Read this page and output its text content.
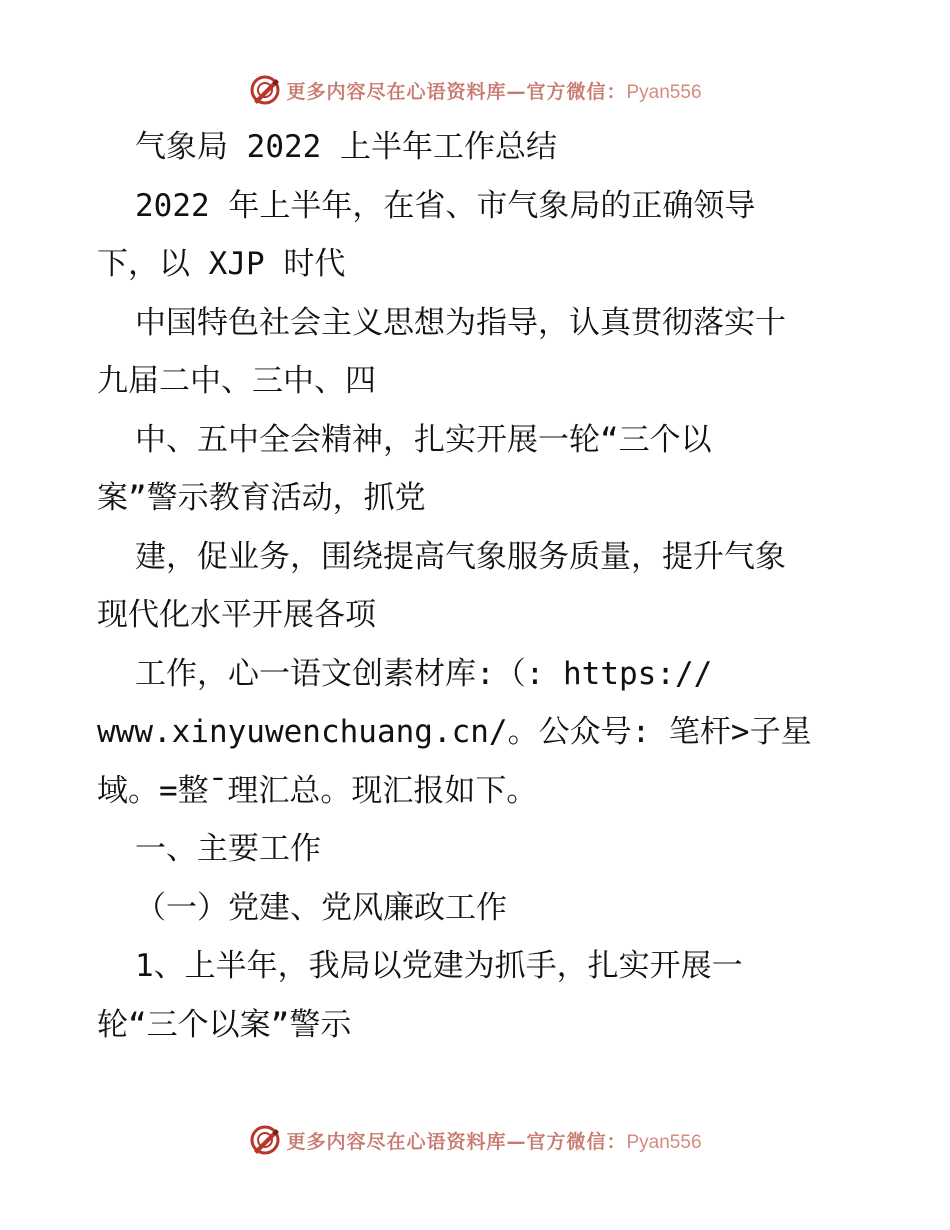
更多内容尽在心语资料库—官方微信：Pyan556
气象局 2022 上半年工作总结
2022 年上半年，在省、市气象局的正确领导
下，以 XJP 时代
中国特色社会主义思想为指导，认真贯彻落实十
九届二中、三中、四
中、五中全会精神，扎实开展一轮“三个以
案”警示教育活动，抓党
建，促业务，围绕提高气象服务质量，提升气象
现代化水平开展各项
工作，心一语文创素材库:（: https://
www.xinyuwenchuang.cn/。公众号: 笔杆>子星
域。=整¯理汇总。现汇报如下。
一、主要工作
（一）党建、党风廉政工作
1、上半年，我局以党建为抓手，扎实开展一
轮“三个以案”警示
更多内容尽在心语资料库—官方微信：Pyan556
